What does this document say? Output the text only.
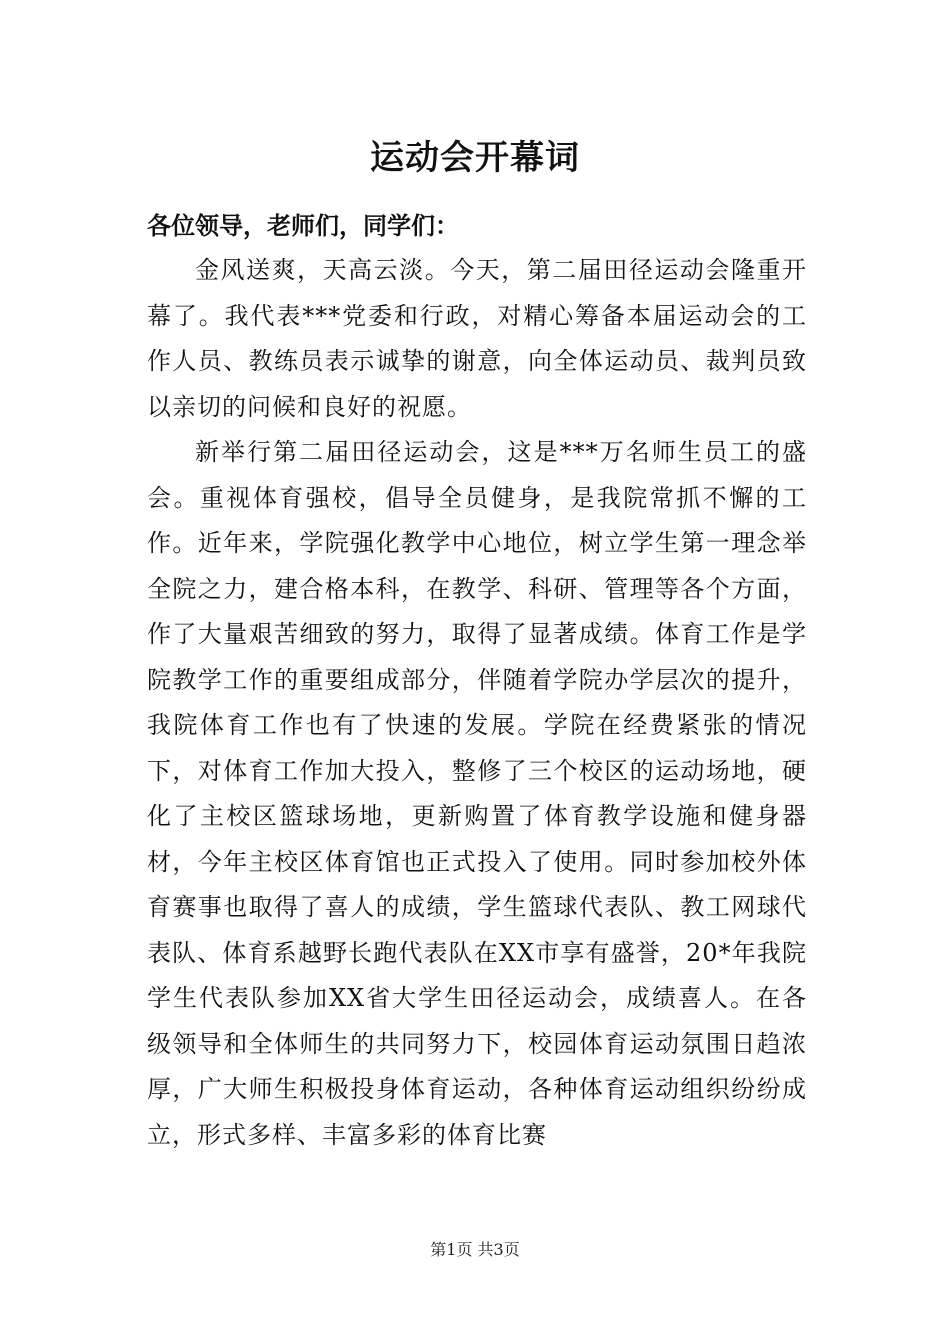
运动会开幕词

各位领导，老师们，同学们：

金风送爽，天高云淡。今天，第二届田径运动会隆重开幕了。我代表***党委和行政，对精心筹备本届运动会的工作人员、教练员表示诚挚的谢意，向全体运动员、裁判员致以亲切的问候和良好的祝愿。

新举行第二届田径运动会，这是***万名师生员工的盛会。重视体育强校，倡导全员健身，是我院常抓不懈的工作。近年来，学院强化教学中心地位，树立学生第一理念举全院之力，建合格本科，在教学、科研、管理等各个方面，作了大量艰苦细致的努力，取得了显著成绩。体育工作是学院教学工作的重要组成部分，伴随着学院办学层次的提升，我院体育工作也有了快速的发展。学院在经费紧张的情况下，对体育工作加大投入，整修了三个校区的运动场地，硬化了主校区篮球场地，更新购置了体育教学设施和健身器材，今年主校区体育馆也正式投入了使用。同时参加校外体育赛事也取得了喜人的成绩，学生篮球代表队、教工网球代表队、体育系越野长跑代表队在XX市享有盛誉，20*年我院学生代表队参加XX省大学生田径运动会，成绩喜人。在各级领导和全体师生的共同努力下，校园体育运动氛围日趋浓厚，广大师生积极投身体育运动，各种体育运动组织纷纷成立，形式多样、丰富多彩的体育比赛

第1页 共3页
